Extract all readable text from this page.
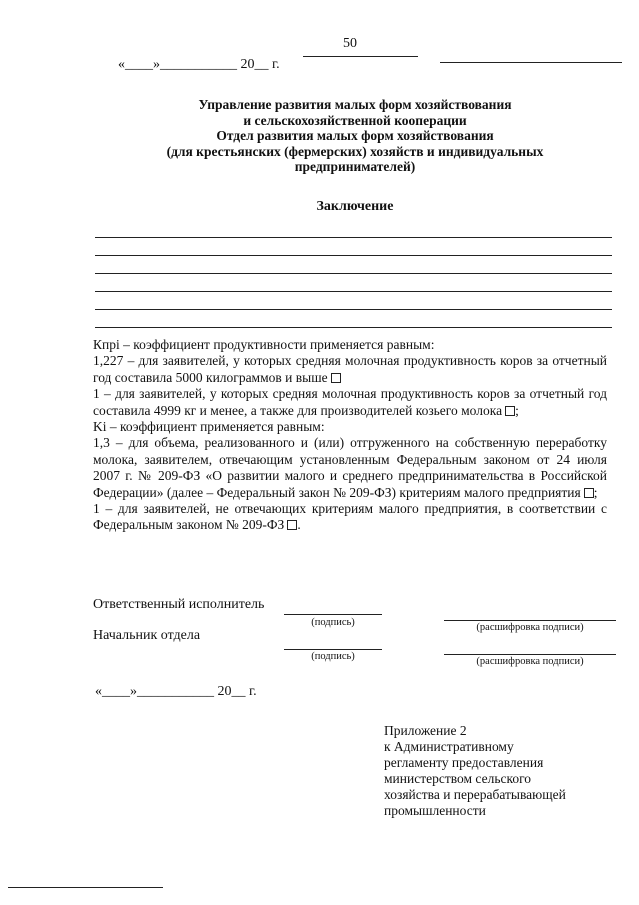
50
«____»___________ 20__ г.
Управление развития малых форм хозяйствования
и сельскохозяйственной кооперации
Отдел развития малых форм хозяйствования
(для крестьянских (фермерских) хозяйств и индивидуальных
предпринимателей)
Заключение
Кпрi – коэффициент продуктивности применяется равным:
1,227 – для заявителей, у которых средняя молочная продуктивность коров за отчетный год составила 5000 килограммов и выше
1 – для заявителей, у которых средняя молочная продуктивность коров за отчетный год составила 4999 кг и менее, а также для производителей козьего молока ;
Ki – коэффициент применяется равным:
1,3 – для объема, реализованного и (или) отгруженного на собственную переработку молока, заявителем, отвечающим установленным Федеральным законом от 24 июля 2007 г. № 209-ФЗ «О развитии малого и среднего предпринимательства в Российской Федерации» (далее – Федеральный закон № 209-ФЗ) критериям малого предприятия ;
1 – для заявителей, не отвечающих критериям малого предприятия, в соответствии с Федеральным законом № 209-ФЗ .
Ответственный исполнитель
(подпись)	(расшифровка подписи)
Начальник отдела
(подпись)	(расшифровка подписи)
«____»___________ 20__ г.
Приложение 2
к Административному
регламенту предоставления
министерством сельского
хозяйства и перерабатывающей
промышленности
